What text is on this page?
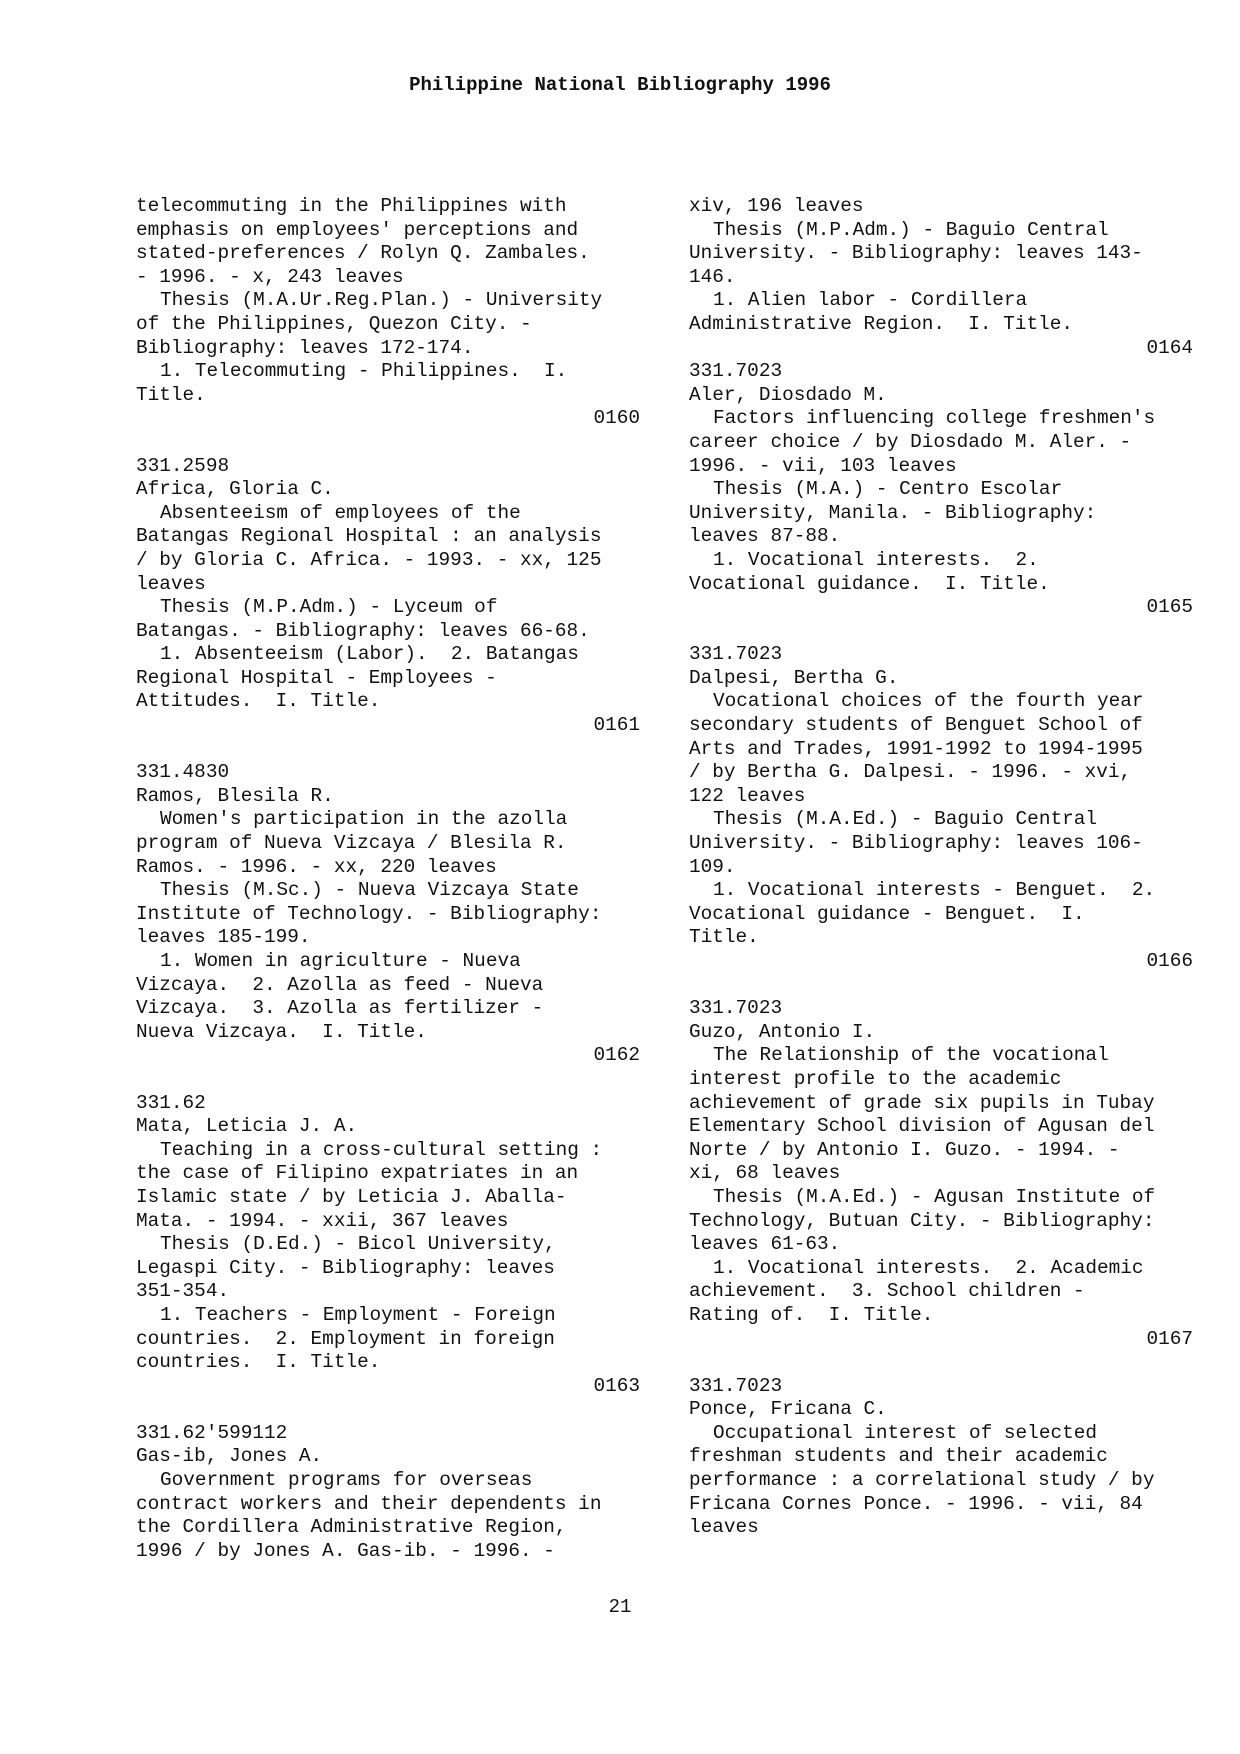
Philippine National Bibliography 1996
telecommuting in the Philippines with
emphasis on employees' perceptions and
stated-preferences / Rolyn Q. Zambales.
- 1996. - x, 243 leaves
Thesis (M.A.Ur.Reg.Plan.) - University
of the Philippines, Quezon City. -
Bibliography: leaves 172-174.
1. Telecommuting - Philippines.  I.
Title.
0160
331.2598
Africa, Gloria C.
Absenteeism of employees of the
Batangas Regional Hospital : an analysis
/ by Gloria C. Africa. - 1993. - xx, 125
leaves
Thesis (M.P.Adm.) - Lyceum of
Batangas. - Bibliography: leaves 66-68.
1. Absenteeism (Labor).  2. Batangas
Regional Hospital - Employees -
Attitudes.  I. Title.
0161
331.4830
Ramos, Blesila R.
Women's participation in the azolla
program of Nueva Vizcaya / Blesila R.
Ramos. - 1996. - xx, 220 leaves
Thesis (M.Sc.) - Nueva Vizcaya State
Institute of Technology. - Bibliography:
leaves 185-199.
1. Women in agriculture - Nueva
Vizcaya.  2. Azolla as feed - Nueva
Vizcaya.  3. Azolla as fertilizer -
Nueva Vizcaya.  I. Title.
0162
331.62
Mata, Leticia J. A.
Teaching in a cross-cultural setting :
the case of Filipino expatriates in an
Islamic state / by Leticia J. Aballa-
Mata. - 1994. - xxii, 367 leaves
Thesis (D.Ed.) - Bicol University,
Legaspi City. - Bibliography: leaves
351-354.
1. Teachers - Employment - Foreign
countries.  2. Employment in foreign
countries.  I. Title.
0163
331.62'599112
Gas-ib, Jones A.
Government programs for overseas
contract workers and their dependents in
the Cordillera Administrative Region,
1996 / by Jones A. Gas-ib. - 1996. -
xiv, 196 leaves
Thesis (M.P.Adm.) - Baguio Central
University. - Bibliography: leaves 143-
146.
1. Alien labor - Cordillera
Administrative Region.  I. Title.
0164
331.7023
Aler, Diosdado M.
Factors influencing college freshmen's
career choice / by Diosdado M. Aler. -
1996. - vii, 103 leaves
Thesis (M.A.) - Centro Escolar
University, Manila. - Bibliography:
leaves 87-88.
1. Vocational interests.  2.
Vocational guidance.  I. Title.
0165
331.7023
Dalpesi, Bertha G.
Vocational choices of the fourth year
secondary students of Benguet School of
Arts and Trades, 1991-1992 to 1994-1995
/ by Bertha G. Dalpesi. - 1996. - xvi,
122 leaves
Thesis (M.A.Ed.) - Baguio Central
University. - Bibliography: leaves 106-
109.
1. Vocational interests - Benguet.  2.
Vocational guidance - Benguet.  I.
Title.
0166
331.7023
Guzo, Antonio I.
The Relationship of the vocational
interest profile to the academic
achievement of grade six pupils in Tubay
Elementary School division of Agusan del
Norte / by Antonio I. Guzo. - 1994. -
xi, 68 leaves
Thesis (M.A.Ed.) - Agusan Institute of
Technology, Butuan City. - Bibliography:
leaves 61-63.
1. Vocational interests.  2. Academic
achievement.  3. School children -
Rating of.  I. Title.
0167
331.7023
Ponce, Fricana C.
Occupational interest of selected
freshman students and their academic
performance : a correlational study / by
Fricana Cornes Ponce. - 1996. - vii, 84
leaves
21
